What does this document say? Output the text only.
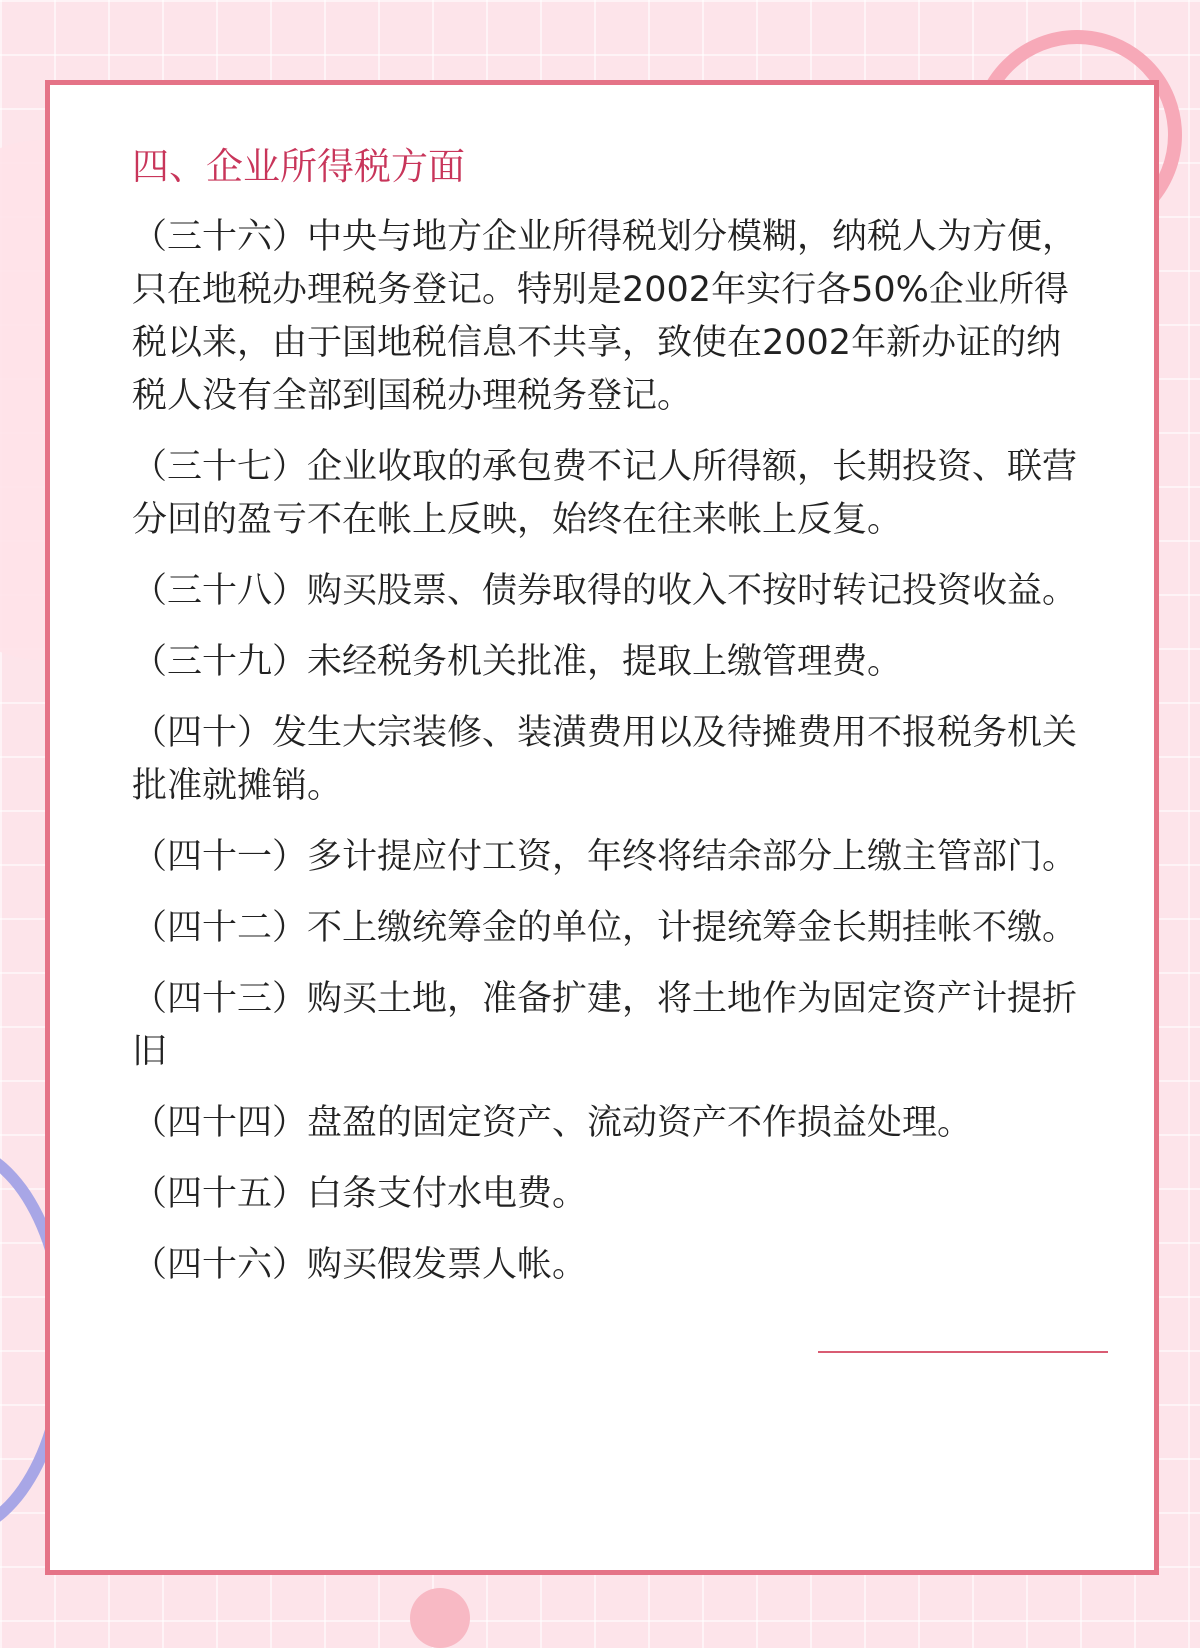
四、企业所得税方面

（三十六）中央与地方企业所得税划分模糊，纳税人为方便，只在地税办理税务登记。特别是2002年实行各50%企业所得税以来，由于国地税信息不共享，致使在2002年新办证的纳税人没有全部到国税办理税务登记。

（三十七）企业收取的承包费不记人所得额，长期投资、联营分回的盈亏不在帐上反映，始终在往来帐上反复。

（三十八）购买股票、债券取得的收入不按时转记投资收益。

（三十九）未经税务机关批准，提取上缴管理费。

（四十）发生大宗装修、装潢费用以及待摊费用不报税务机关批准就摊销。

（四十一）多计提应付工资，年终将结余部分上缴主管部门。

（四十二）不上缴统筹金的单位，计提统筹金长期挂帐不缴。

（四十三）购买土地，准备扩建，将土地作为固定资产计提折旧

（四十四）盘盈的固定资产、流动资产不作损益处理。

（四十五）白条支付水电费。

（四十六）购买假发票人帐。
